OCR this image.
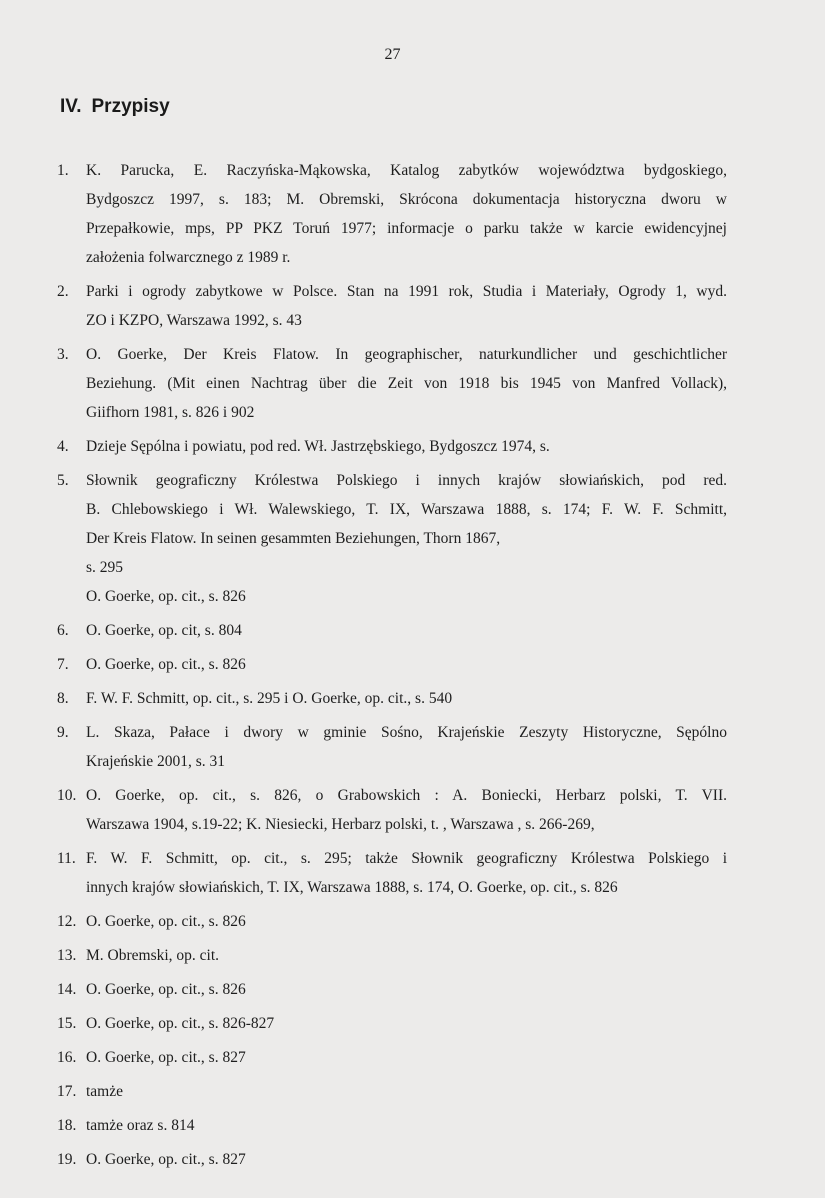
27
IV. Przypisy
1. K. Parucka, E. Raczyńska-Mąkowska, Katalog zabytków województwa bydgoskiego,
Bydgoszcz 1997, s. 183; M. Obremski, Skrócona dokumentacja historyczna dworu w
Przepałkowie, mps, PP PKZ Toruń 1977; informacje o parku także w karcie ewidencyjnej
założenia folwarcznego z 1989 r.
2. Parki i ogrody zabytkowe w Polsce. Stan na 1991 rok, Studia i Materiały, Ogrody 1, wyd.
ZO i KZPO, Warszawa 1992, s. 43
3. O. Goerke, Der Kreis Flatow. In geographischer, naturkundlicher und geschichtlicher
Beziehung. (Mit einen Nachtrag über die Zeit von 1918 bis 1945 von Manfred Vollack),
Giifhorn 1981, s. 826 i 902
4. Dzieje Sępólna i powiatu, pod red. Wł. Jastrzębskiego, Bydgoszcz 1974, s.
5. Słownik geograficzny Królestwa Polskiego i innych krajów słowiańskich, pod red.
B. Chlebowskiego i Wł. Walewskiego, T. IX, Warszawa 1888, s. 174; F. W. F. Schmitt,
Der Kreis Flatow. In seinen gesammten Beziehungen, Thorn 1867,
s. 295
O. Goerke, op. cit., s. 826
6. O. Goerke, op. cit, s. 804
7. O. Goerke, op. cit., s. 826
8. F. W. F. Schmitt, op. cit., s. 295 i O. Goerke, op. cit., s. 540
9. L. Skaza, Pałace i dwory w gminie Sośno, Krajeńskie Zeszyty Historyczne, Sępólno
Krajeńskie 2001, s. 31
10. O. Goerke, op. cit., s. 826, o Grabowskich : A. Boniecki, Herbarz polski, T. VII.
Warszawa 1904, s.19-22; K. Niesiecki, Herbarz polski, t. , Warszawa , s. 266-269,
11. F. W. F. Schmitt, op. cit., s. 295; także Słownik geograficzny Królestwa Polskiego i
innych krajów słowiańskich, T. IX, Warszawa 1888, s. 174, O. Goerke, op. cit., s. 826
12. O. Goerke, op. cit., s. 826
13. M. Obremski, op. cit.
14. O. Goerke, op. cit., s. 826
15. O. Goerke, op. cit., s. 826-827
16. O. Goerke, op. cit., s. 827
17. tamże
18. tamże oraz s. 814
19. O. Goerke, op. cit., s. 827
